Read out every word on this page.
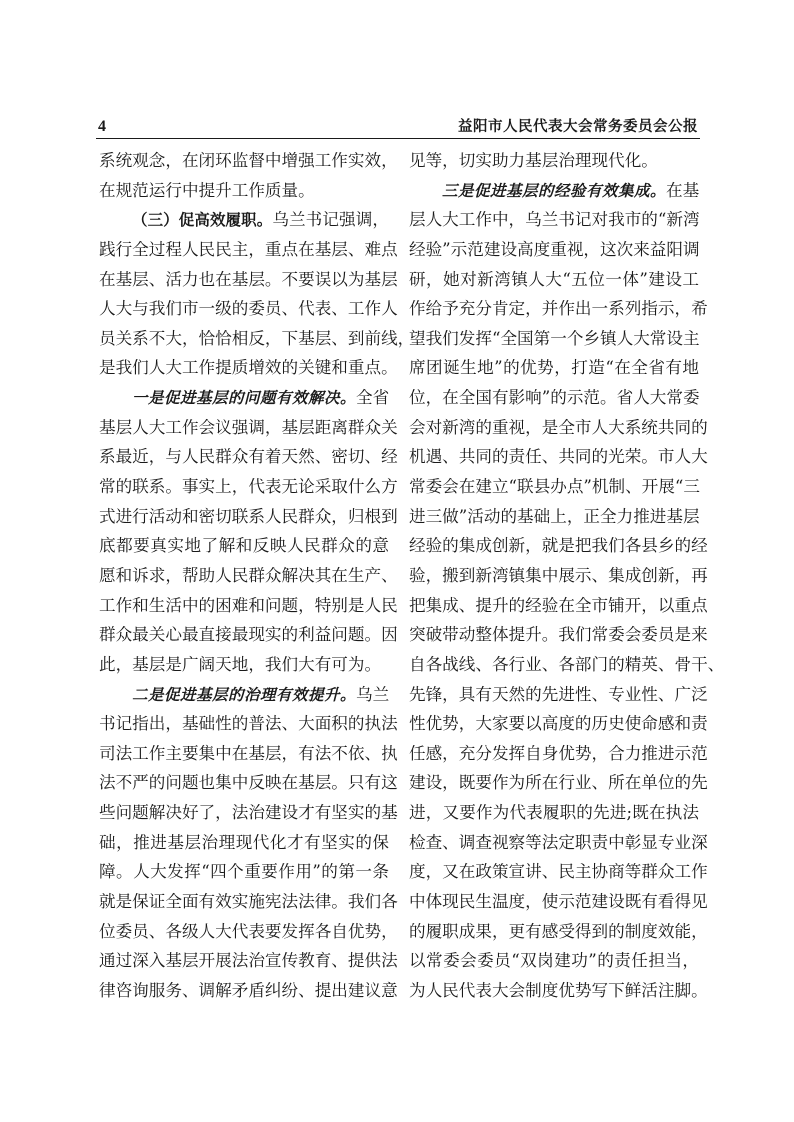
4	益阳市人民代表大会常务委员会公报
系统观念，在闭环监督中增强工作实效，
在规范运行中提升工作质量。
（三）促高效履职。乌兰书记强调，
践行全过程人民民主，重点在基层、难点
在基层、活力也在基层。不要误以为基层
人大与我们市一级的委员、代表、工作人
员关系不大，恰恰相反，下基层、到前线，
是我们人大工作提质增效的关键和重点。
一是促进基层的问题有效解决。全省
基层人大工作会议强调，基层距离群众关
系最近，与人民群众有着天然、密切、经
常的联系。事实上，代表无论采取什么方
式进行活动和密切联系人民群众，归根到
底都要真实地了解和反映人民群众的意
愿和诉求，帮助人民群众解决其在生产、
工作和生活中的困难和问题，特别是人民
群众最关心最直接最现实的利益问题。因
此，基层是广阔天地，我们大有可为。
二是促进基层的治理有效提升。乌兰
书记指出，基础性的普法、大面积的执法
司法工作主要集中在基层，有法不依、执
法不严的问题也集中反映在基层。只有这
些问题解决好了，法治建设才有坚实的基
础，推进基层治理现代化才有坚实的保
障。人大发挥“四个重要作用”的第一条
就是保证全面有效实施宪法法律。我们各
位委员、各级人大代表要发挥各自优势，
通过深入基层开展法治宣传教育、提供法
律咨询服务、调解矛盾纠纷、提出建议意
见等，切实助力基层治理现代化。
三是促进基层的经验有效集成。在基
层人大工作中，乌兰书记对我市的“新湾
经验”示范建设高度重视，这次来益阳调
研，她对新湾镇人大“五位一体”建设工
作给予充分肯定，并作出一系列指示，希
望我们发挥“全国第一个乡镇人大常设主
席团诞生地”的优势，打造“在全省有地
位，在全国有影响”的示范。省人大常委
会对新湾的重视，是全市人大系统共同的
机遇、共同的责任、共同的光荣。市人大
常委会在建立“联县办点”机制、开展“三
进三做”活动的基础上，正全力推进基层
经验的集成创新，就是把我们各县乡的经
验，搬到新湾镇集中展示、集成创新，再
把集成、提升的经验在全市铺开，以重点
突破带动整体提升。我们常委会委员是来
自各战线、各行业、各部门的精英、骨干、
先锋，具有天然的先进性、专业性、广泛
性优势，大家要以高度的历史使命感和责
任感，充分发挥自身优势，合力推进示范
建设，既要作为所在行业、所在单位的先
进，又要作为代表履职的先进;既在执法
检查、调查视察等法定职责中彰显专业深
度，又在政策宣讲、民主协商等群众工作
中体现民生温度，使示范建设既有看得见
的履职成果，更有感受得到的制度效能，
以常委会委员“双岗建功”的责任担当，
为人民代表大会制度优势写下鲜活注脚。
